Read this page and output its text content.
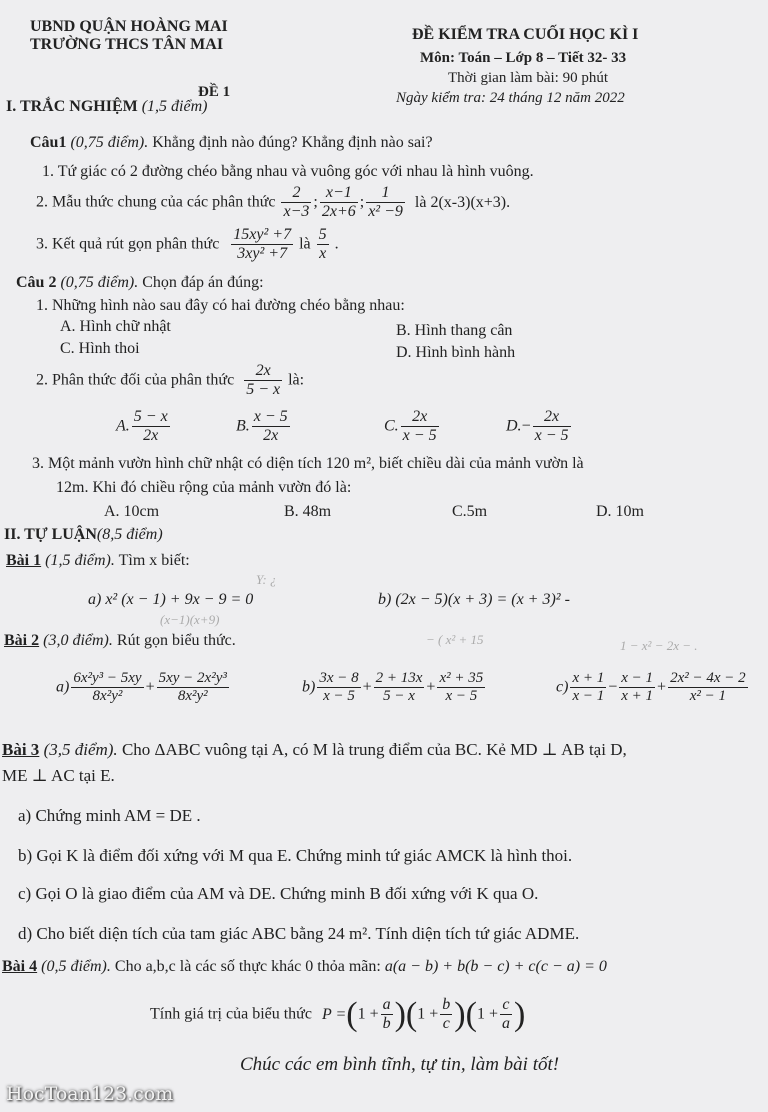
UBND QUẬN HOÀNG MAI
TRƯỜNG THCS TÂN MAI
ĐỀ 1
ĐỀ KIỂM TRA CUỐI HỌC KÌ I
Môn: Toán – Lớp 8 – Tiết 32- 33
Thời gian làm bài: 90 phút
Ngày kiểm tra: 24 tháng 12 năm 2022
I. TRẮC NGHIỆM (1,5 điểm)
Câu1 (0,75 điểm). Khẳng định nào đúng? Khẳng định nào sai?
1. Tứ giác có 2 đường chéo bằng nhau và vuông góc với nhau là hình vuông.
2. Mẫu thức chung của các phân thức $\frac{2}{x-3}$ ; $\frac{x-1}{2x+6}$ ; $\frac{1}{\text{x² −9}}$ là 2(x-3)(x+3).
3. Kết quả rút gọn phân thức $\frac{\text{15xy² +7}}{\text{3xy² +7}}$ là $\frac{5}{x}$ .
Câu 2 (0,75 điểm). Chọn đáp án đúng:
1. Những hình nào sau đây có hai đường chéo bằng nhau:
A. Hình chữ nhật	B. Hình thang cân
C. Hình thoi	D. Hình bình hành
2. Phân thức đối của phân thức $\frac{2x}{5 - x}$ là:
A. $\frac{5 - x}{2x}$	B. $\frac{x - 5}{2x}$	C. $\frac{2x}{x - 5}$	$D.- \frac{2x}{x - 5}$
3. Một mảnh vườn hình chữ nhật có diện tích 120 m², biết chiều dài của mảnh vườn là
12m. Khi đó chiều rộng của mảnh vườn đó là:
A. 10cm	B. 48m	C.5m	D. 10m
II. TỰ LUẬN(8,5 điểm)
Bài 1 (1,5 điểm). Tìm x biết:
a) x² (x − 1) + 9x − 9 = 0	b) (2x − 5)(x + 3) = (x + 3)² -
Y: ¿
(x−1)(x+9)
− ( x² + 15
Bài 2 (3,0 điểm). Rút gọn biểu thức.	1 − x² − 2x − .
$a) \frac{\text{6x²y³ − 5xy}}{\text{8x²y²}} + \frac{\text{5xy − 2x²y³}}{\text{8x²y²}}$	$b) \frac{3x - 8}{x - 5} + \frac{2 + 13x}{5 - x} + \frac{\text{x² + 35}}{x - 5}$	$c) \frac{x + 1}{x - 1} - \frac{x - 1}{x + 1} + \frac{\text{2x² − 4x − 2}}{\text{x² − 1}}$
Bài 3 (3,5 điểm). Cho ΔABC vuông tại A, có M là trung điểm của BC. Kẻ MD ⊥ AB tại D,
ME ⊥ AC tại E.
a) Chứng minh AM = DE .
b) Gọi K là điểm đối xứng với M qua E. Chứng minh tứ giác AMCK là hình thoi.
c) Gọi O là giao điểm của AM và DE. Chứng minh B đối xứng với K qua O.
d) Cho biết diện tích của tam giác ABC bằng 24 m². Tính diện tích tứ giác ADME.
Bài 4 (0,5 điểm). Cho a,b,c là các số thực khác 0 thỏa mãn: a(a − b) + b(b − c) + c(c − a) = 0
Tính giá trị của biểu thức $P =(1 + \frac{a}{b} )(1 + \frac{b}{c} )(1 + \frac{c}{a}$ )
Chúc các em bình tĩnh, tự tin, làm bài tốt!
HocToan123.com
